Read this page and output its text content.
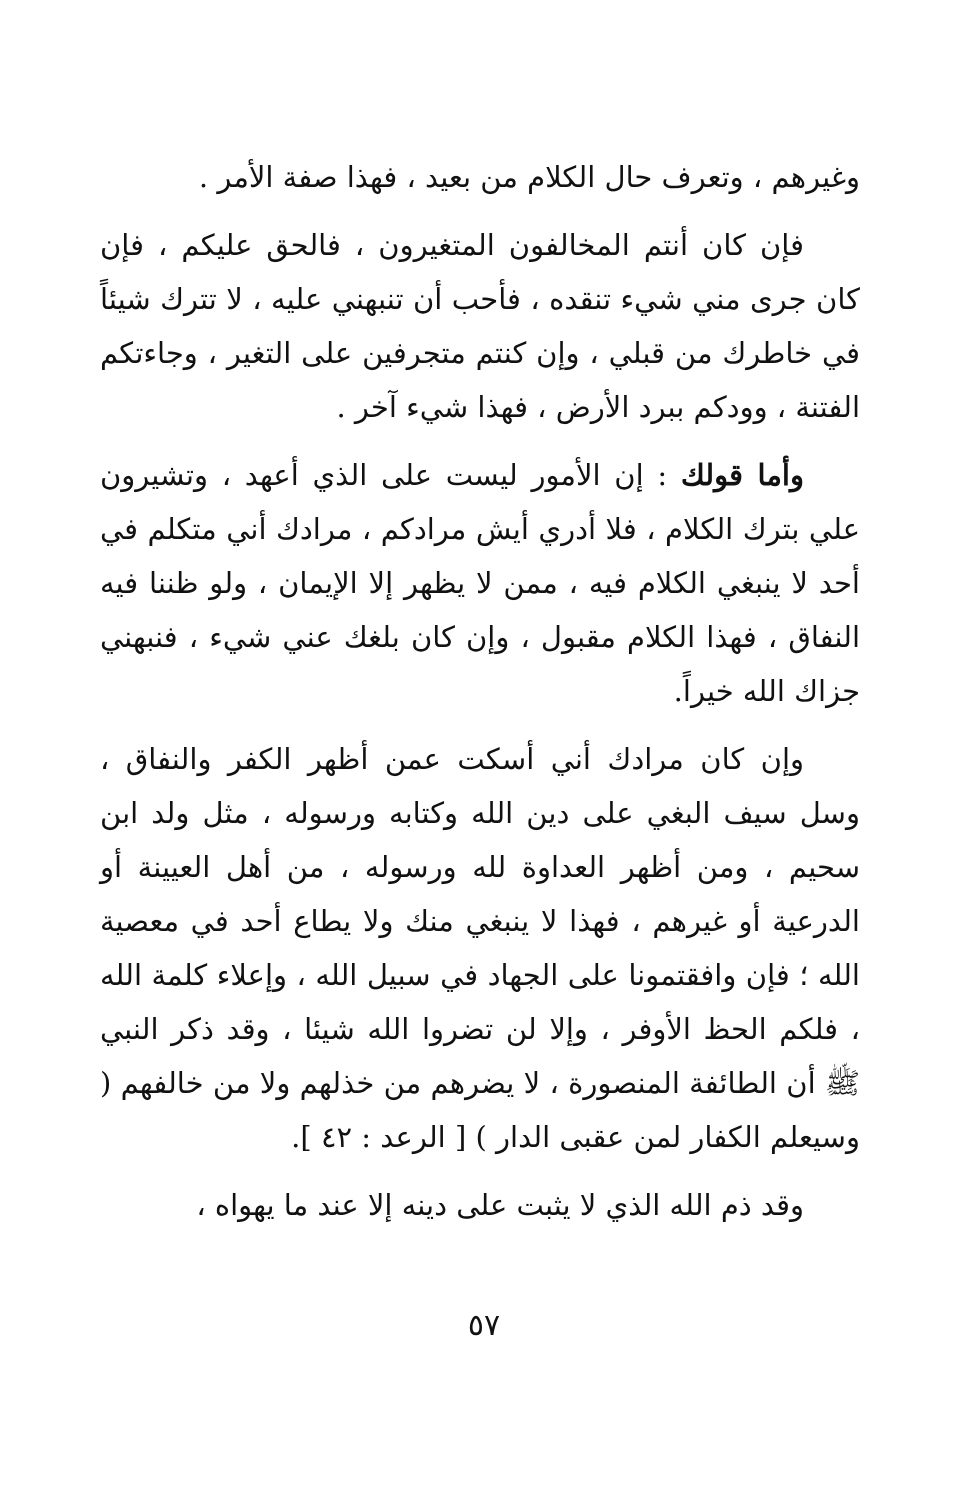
وغيرهم ، وتعرف حال الكلام من بعيد ، فهذا صفة الأمر .

فإن كان أنتم المخالفون المتغيرون ، فالحق عليكم ، فإن كان جرى مني شيء تنقده ، فأحب أن تنبهني عليه ، لا تترك شيئاً في خاطرك من قبلي ، وإن كنتم متجرفين على التغير ، وجاءتكم الفتنة ، وودكم ببرد الأرض ، فهذا شيء آخر .

وأما قولك : إن الأمور ليست على الذي أعهد ، وتشيرون علي بترك الكلام ، فلا أدري أيش مرادكم ، مرادك أني متكلم في أحد لا ينبغي الكلام فيه ، ممن لا يظهر إلا الإيمان ، ولو ظننا فيه النفاق ، فهذا الكلام مقبول ، وإن كان بلغك عني شيء ، فنبهني جزاك الله خيراً.

وإن كان مرادك أني أسكت عمن أظهر الكفر والنفاق ، وسل سيف البغي على دين الله وكتابه ورسوله ، مثل ولد ابن سحيم ، ومن أظهر العداوة لله ورسوله ، من أهل العيينة أو الدرعية أو غيرهم ، فهذا لا ينبغي منك ولا يطاع أحد في معصية الله ؛ فإن وافقتمونا على الجهاد في سبيل الله ، وإعلاء كلمة الله ، فلكم الحظ الأوفر ، وإلا لن تضروا الله شيئا ، وقد ذكر النبي ﷺ أن الطائفة المنصورة ، لا يضرهم من خذلهم ولا من خالفهم ( وسيعلم الكفار لمن عقبى الدار ) [ الرعد : ٤٢ ].

وقد ذم الله الذي لا يثبت على دينه إلا عند ما يهواه ،

٥٧
